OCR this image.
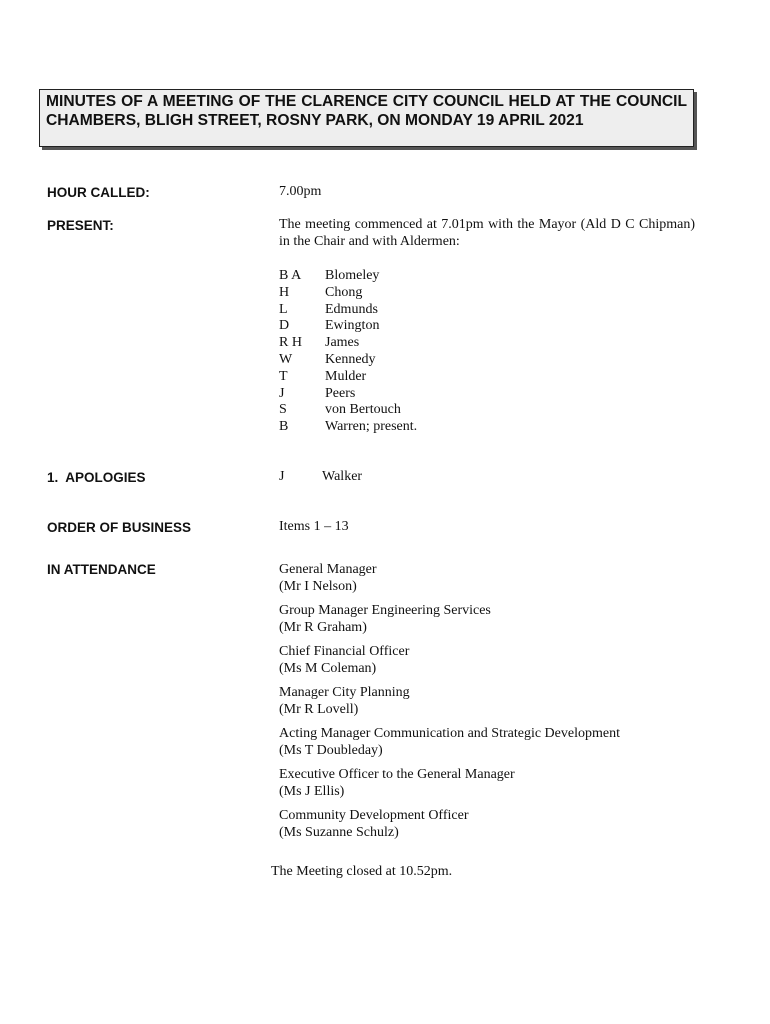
MINUTES OF A MEETING OF THE CLARENCE CITY COUNCIL HELD AT THE COUNCIL CHAMBERS, BLIGH STREET, ROSNY PARK, ON MONDAY 19 APRIL 2021

HOUR CALLED:	7.00pm
PRESENT:	The meeting commenced at 7.01pm with the Mayor (Ald D C Chipman) in the Chair and with Aldermen:

B A	Blomeley
H	Chong
L	Edmunds
D	Ewington
R H	James
W	Kennedy
T	Mulder
J	Peers
S	von Bertouch
B	Warren; present.
1.  APOLOGIES	J	Walker
ORDER OF BUSINESS	Items 1 – 13
IN ATTENDANCE	General Manager
(Mr I Nelson)
Group Manager Engineering Services
(Mr R Graham)
Chief Financial Officer
(Ms M Coleman)
Manager City Planning
(Mr R Lovell)
Acting Manager Communication and Strategic Development
(Ms T Doubleday)
Executive Officer to the General Manager
(Ms J Ellis)
Community Development Officer
(Ms Suzanne Schulz)
The Meeting closed at 10.52pm.
